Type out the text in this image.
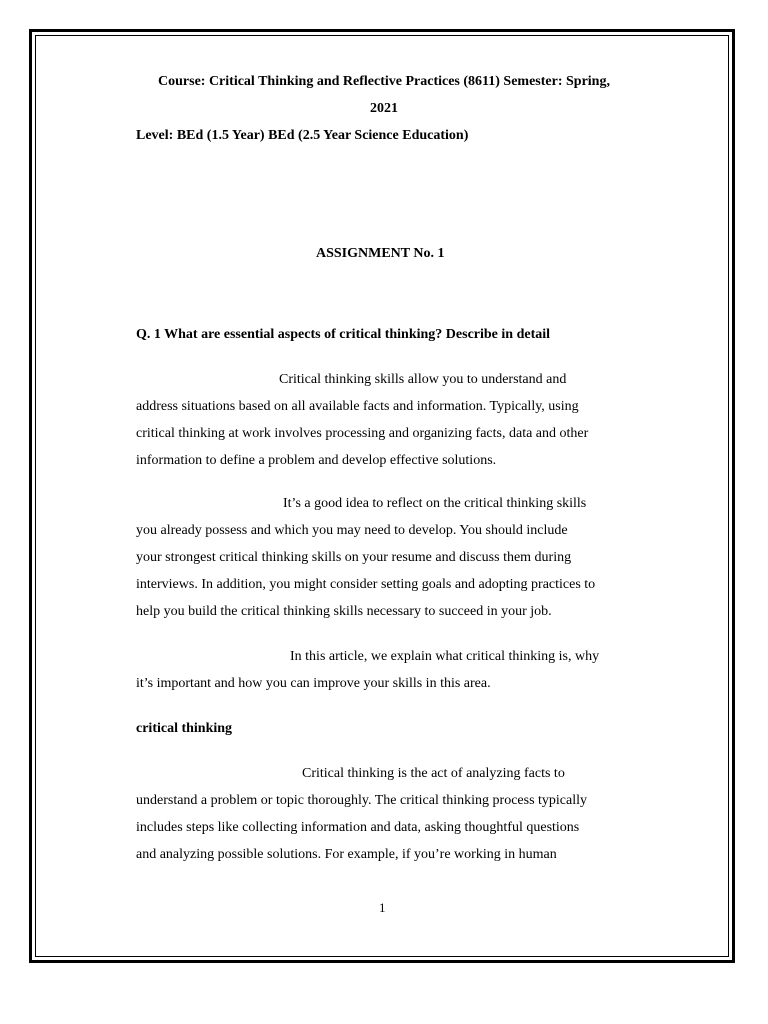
Course: Critical Thinking and Reflective Practices (8611) Semester: Spring,
2021
Level: BEd (1.5 Year) BEd (2.5 Year Science Education)
ASSIGNMENT No. 1
Q. 1 What are essential aspects of critical thinking? Describe in detail
Critical thinking skills allow you to understand and
address situations based on all available facts and information. Typically, using
critical thinking at work involves processing and organizing facts, data and other
information to define a problem and develop effective solutions.
It’s a good idea to reflect on the critical thinking skills
you already possess and which you may need to develop. You should include
your strongest critical thinking skills on your resume and discuss them during
interviews. In addition, you might consider setting goals and adopting practices to
help you build the critical thinking skills necessary to succeed in your job.
In this article, we explain what critical thinking is, why
it’s important and how you can improve your skills in this area.
critical thinking
Critical thinking is the act of analyzing facts to
understand a problem or topic thoroughly. The critical thinking process typically
includes steps like collecting information and data, asking thoughtful questions
and analyzing possible solutions. For example, if you’re working in human
1
